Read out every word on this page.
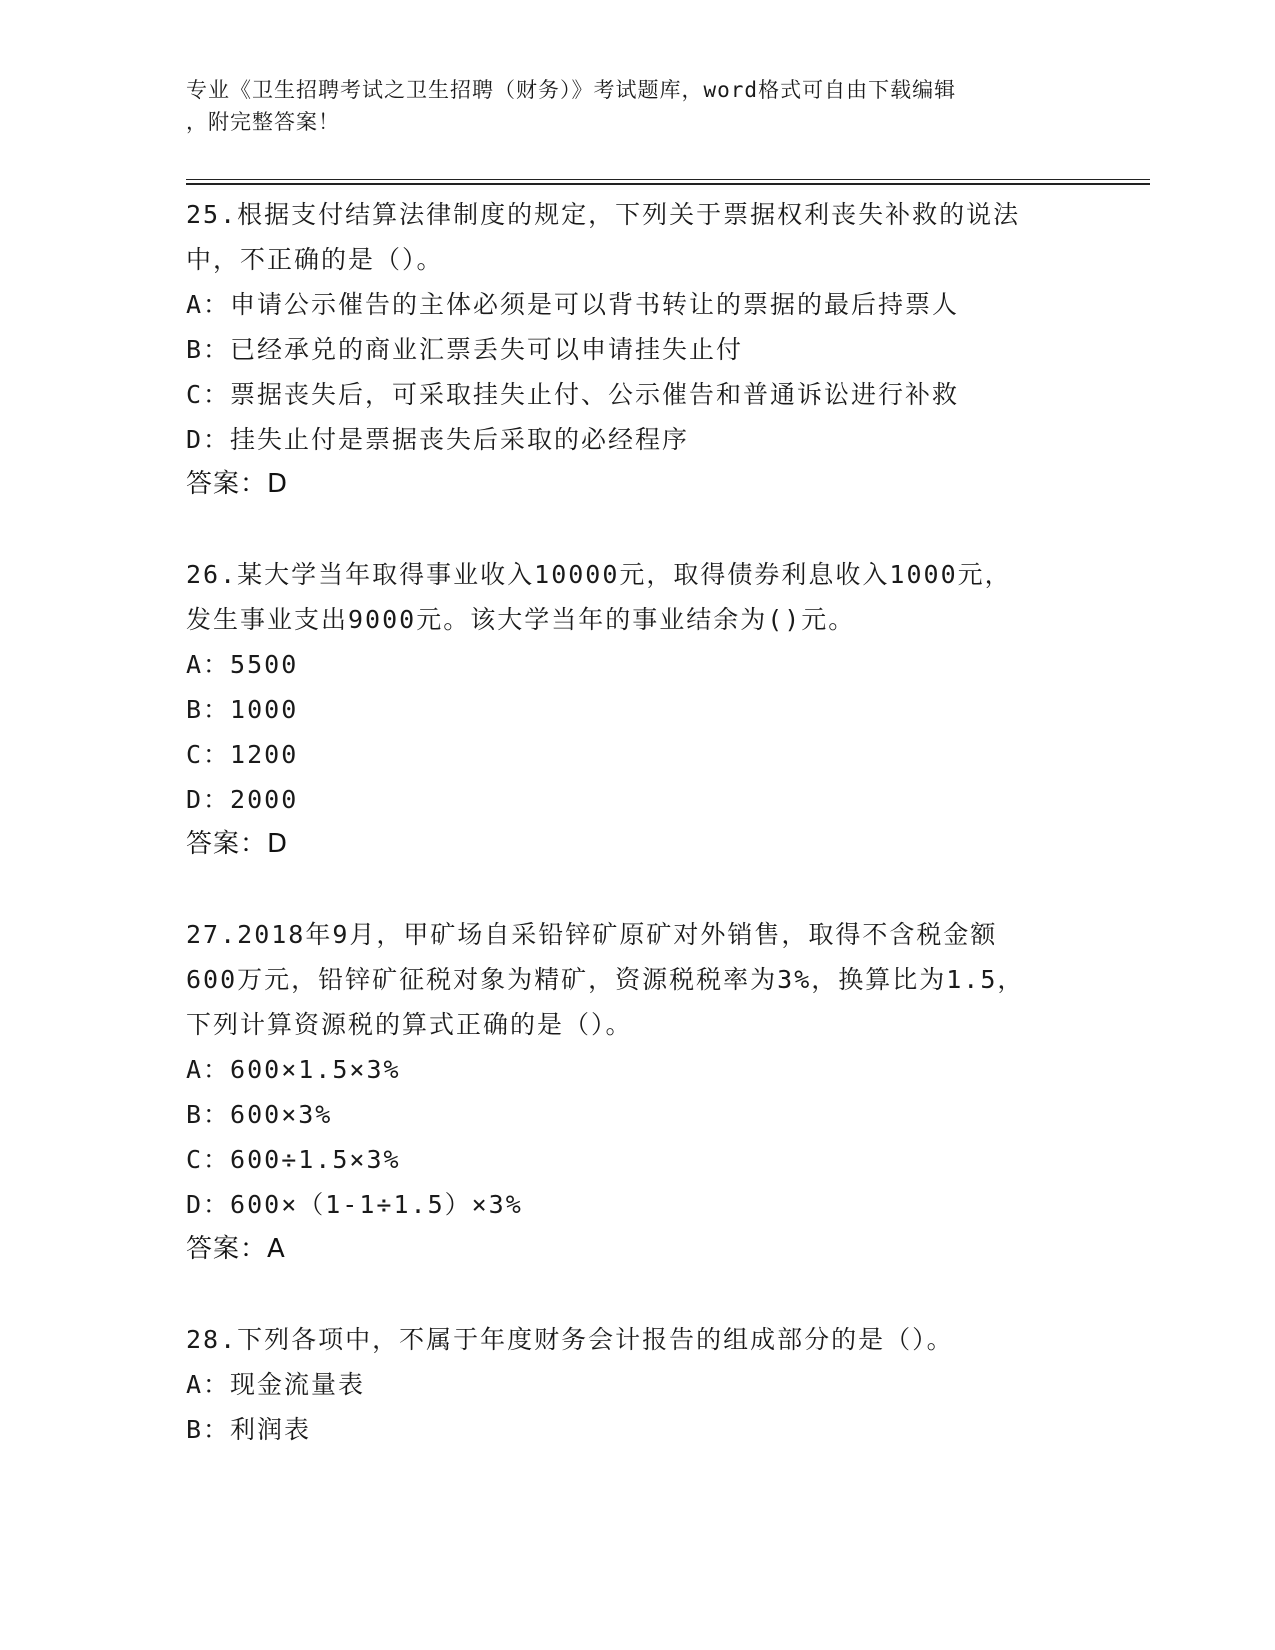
专业《卫生招聘考试之卫生招聘（财务）》考试题库，word格式可自由下载编辑
，附完整答案！
25.根据支付结算法律制度的规定，下列关于票据权利丧失补救的说法
中，不正确的是（）。
A：申请公示催告的主体必须是可以背书转让的票据的最后持票人
B：已经承兑的商业汇票丢失可以申请挂失止付
C：票据丧失后，可采取挂失止付、公示催告和普通诉讼进行补救
D：挂失止付是票据丧失后采取的必经程序
答案：D
26.某大学当年取得事业收入10000元，取得债券利息收入1000元，
发生事业支出9000元。该大学当年的事业结余为()元。
A：5500
B：1000
C：1200
D：2000
答案：D
27.2018年9月，甲矿场自采铅锌矿原矿对外销售，取得不含税金额
600万元，铅锌矿征税对象为精矿，资源税税率为3%，换算比为1.5，
下列计算资源税的算式正确的是（）。
A：600×1.5×3%
B：600×3%
C：600÷1.5×3%
D：600×（1-1÷1.5）×3%
答案：A
28.下列各项中，不属于年度财务会计报告的组成部分的是（）。
A：现金流量表
B：利润表
